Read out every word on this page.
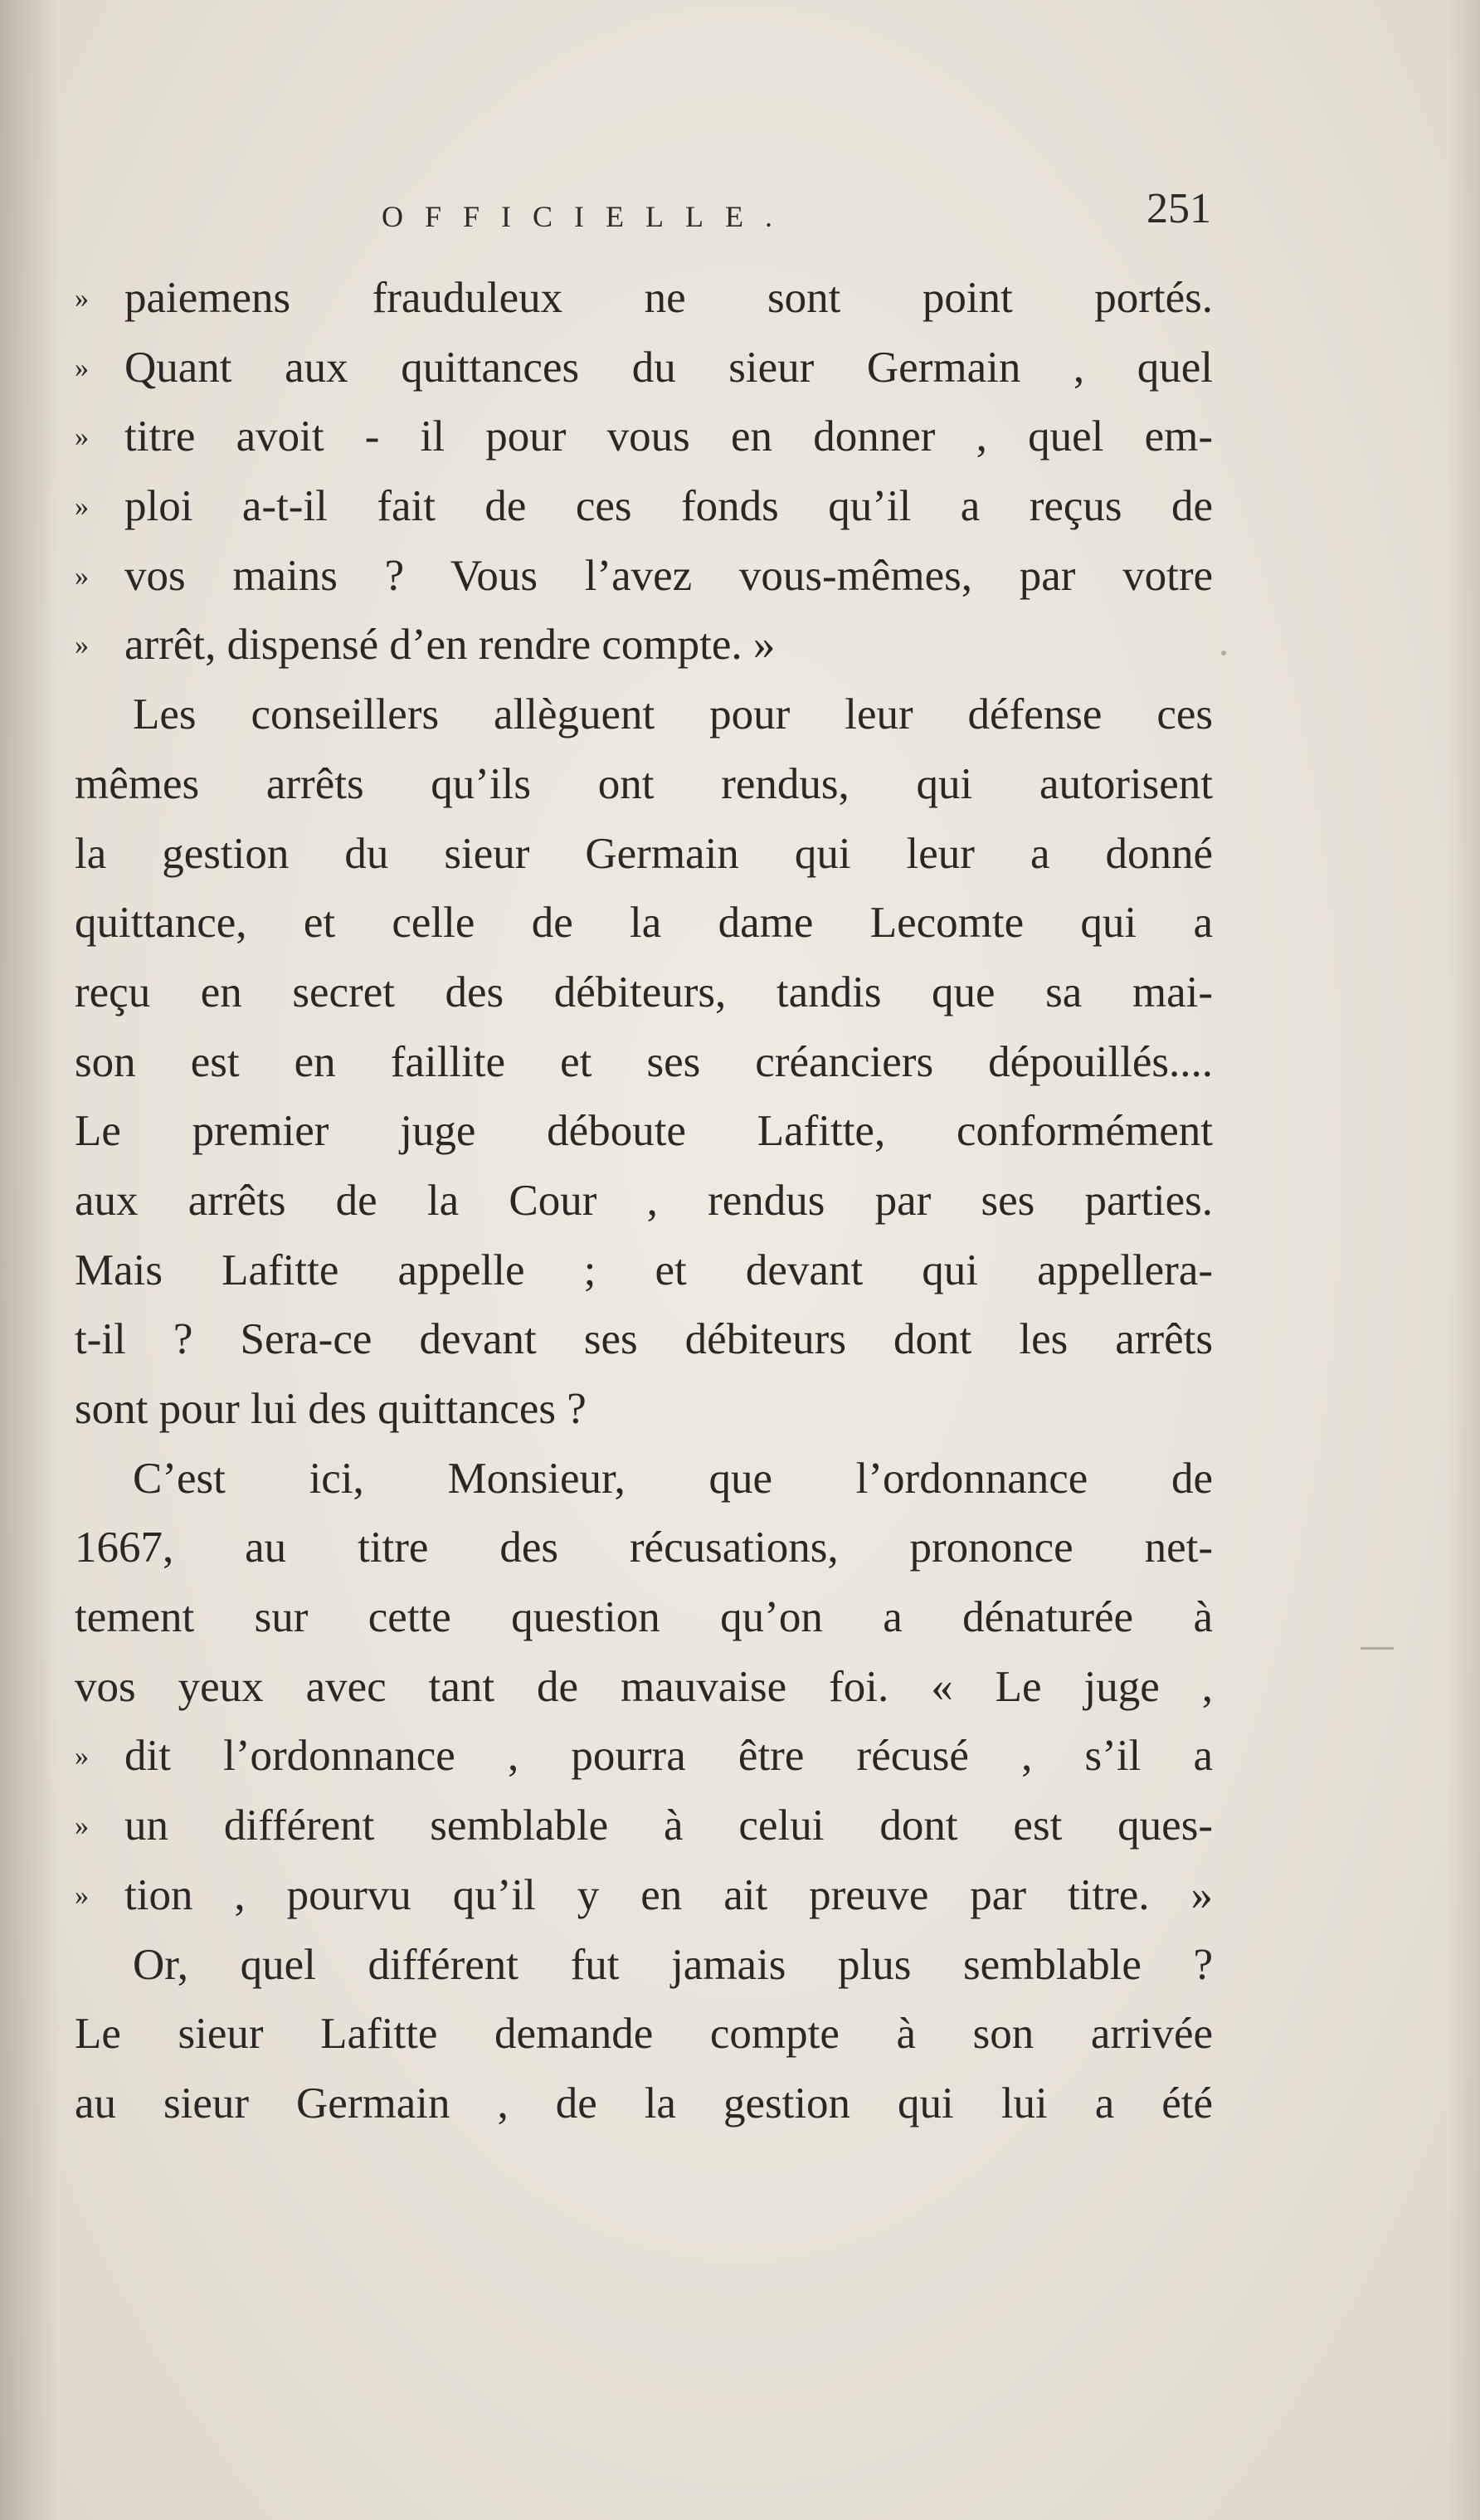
OFFICIELLE.	251
» paiemens frauduleux ne sont point portés.
» Quant aux quittances du sieur Germain , quel
» titre avoit - il pour vous en donner , quel em-
» ploi a-t-il fait de ces fonds qu’il a reçus de
» vos mains ? Vous l’avez vous-mêmes, par votre
» arrêt, dispensé d’en rendre compte. »
Les conseillers allèguent pour leur défense ces
mêmes arrêts qu’ils ont rendus, qui autorisent
la gestion du sieur Germain qui leur a donné
quittance, et celle de la dame Lecomte qui a
reçu en secret des débiteurs, tandis que sa mai-
son est en faillite et ses créanciers dépouillés....
Le premier juge déboute Lafitte, conformément
aux arrêts de la Cour , rendus par ses parties.
Mais Lafitte appelle ; et devant qui appellera-
t-il ? Sera-ce devant ses débiteurs dont les arrêts
sont pour lui des quittances ?
C’est ici, Monsieur, que l’ordonnance de
1667, au titre des récusations, prononce net-
tement sur cette question qu’on a dénaturée à
vos yeux avec tant de mauvaise foi. « Le juge ,
» dit l’ordonnance , pourra être récusé , s’il a
» un différent semblable à celui dont est ques-
» tion , pourvu qu’il y en ait preuve par titre. »
Or, quel différent fut jamais plus semblable ?
Le sieur Lafitte demande compte à son arrivée
au sieur Germain , de la gestion qui lui a été
